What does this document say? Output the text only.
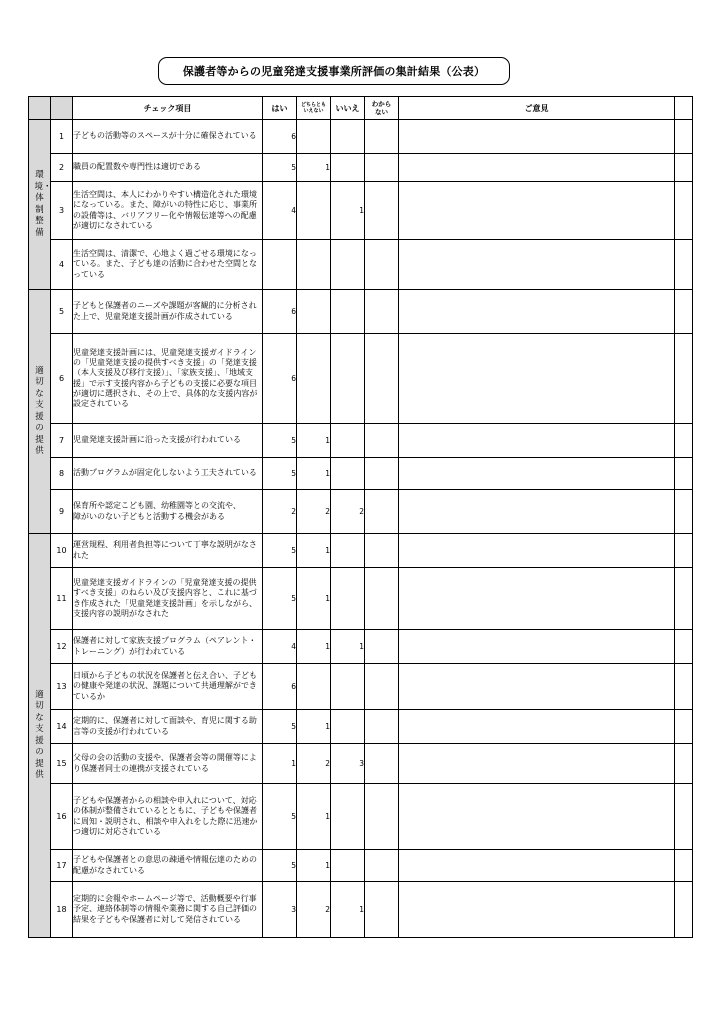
保護者等からの児童発達支援事業所評価の集計結果（公表）
		チェック項目	はい	どちらとも
いえない	いいえ	わから
ない	ご意見	
環境・体制整備	1	子どもの活動等のスペースが十分に確保されている	6					
	2	職員の配置数や専門性は適切である	5	1				
	3	生活空間は、本人にわかりやすい構造化された環境になっている。また、障がいの特性に応じ、事業所の設備等は、バリアフリー化や情報伝達等への配慮が適切になされている	4		1			
	4	生活空間は、清潔で、心地よく過ごせる環境になっている。また、子ども達の活動に合わせた空間となっている						
適切な支援の提供	5	子どもと保護者のニーズや課題が客観的に分析された上で、児童発達支援計画が作成されている	6					
	6	児童発達支援計画には、児童発達支援ガイドラインの「児童発達支援の提供すべき支援」の「発達支援（本人支援及び移行支援）」、「家族支援」、「地域支援」で示す支援内容から子どもの支援に必要な項目が適切に選択され、その上で、具体的な支援内容が設定されている	6					
	7	児童発達支援計画に沿った支援が行われている	5	1				
	8	活動プログラムが固定化しないよう工夫されている	5	1				
	9	保育所や認定こども園、幼稚園等との交流や、
障がいのない子どもと活動する機会がある	2	2	2			
適切な支援の提供	10	運営規程、利用者負担等について丁寧な説明がなされた	5	1				
	11	児童発達支援ガイドラインの「児童発達支援の提供すべき支援」のねらい及び支援内容と、これに基づき作成された「児童発達支援計画」を示しながら、支援内容の説明がなされた	5	1				
	12	保護者に対して家族支援プログラム（ペアレント・トレーニング）が行われている	4	1	1			
	13	日頃から子どもの状況を保護者と伝え合い、子どもの健康や発達の状況、課題について共通理解ができているか	6					
	14	定期的に、保護者に対して面談や、育児に関する助言等の支援が行われている	5	1				
	15	父母の会の活動の支援や、保護者会等の開催等により保護者同士の連携が支援されている	1	2	3			
	16	子どもや保護者からの相談や申入れについて、対応の体制が整備されているとともに、子どもや保護者に周知・説明され、相談や申入れをした際に迅速かつ適切に対応されている	5	1				
	17	子どもや保護者との意思の疎通や情報伝達のための配慮がなされている	5	1				
	18	定期的に会報やホームページ等で、活動概要や行事予定、連絡体制等の情報や業務に関する自己評価の結果を子どもや保護者に対して発信されている	3	2	1			
